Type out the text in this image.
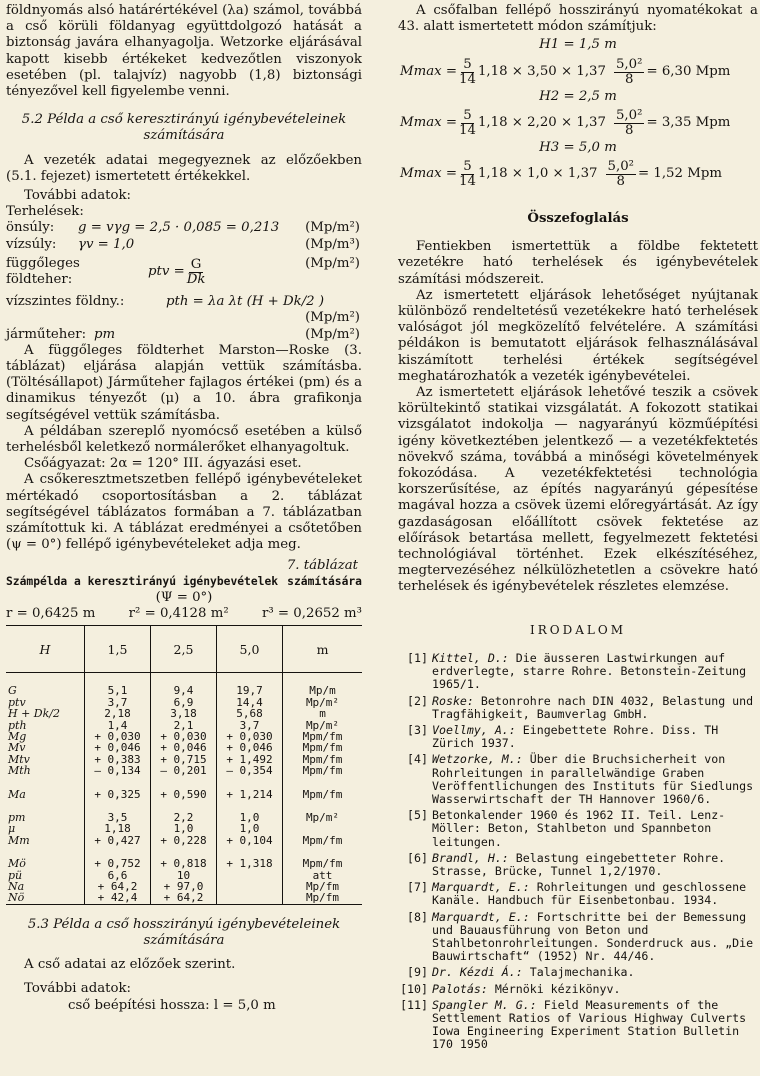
földnyomás alsó határértékével (λa) számol, továbbá a cső körüli földanyag együttdolgozó hatását a biztonság javára elhanyagolja. Wetzorke eljárásával kapott kisebb értékeket kedvezőtlen viszonyok esetében (pl. talajvíz) nagyobb (1,8) biztonsági tényezővel kell figyelembe venni.

5.2 Példa a cső keresztirányú igénybevételeinek számítására

A vezeték adatai megegyeznek az előzőekben (5.1. fejezet) ismertetett értékekkel.

További adatok:

Terhelések:

önsúly: g = vγg = 2,5 · 0,085 = 0,213 (Mp/m²)
vízsúly: γv = 1,0	(Mp/m³)
függőleges földteher:
ptv = $\frac{G}{Dk}$	(Mp/m²)
vízszintes földny.:	pth = λa λt (H + Dk/2 )
(Mp/m²)
járműteher: pm	(Mp/m²)

A függőleges földterhet Marston—Roske (3. táblázat) eljárása alapján vettük számításba. (Töltésállapot) Járműteher fajlagos értékei (pm) és a dinamikus tényezőt (μ) a 10. ábra grafikonja segítségével vettük számításba.

A példában szereplő nyomócső esetében a külső terhelésből keletkező normálerőket elhanyagoltuk.

Csőágyazat: 2α = 120° III. ágyazási eset.

A csőkeresztmetszetben fellépő igénybevételeket mértékadó csoportosításban a 2. táblázat segítségével táblázatos formában a 7. táblázatban számítottuk ki. A táblázat eredményei a csőtetőben (ψ = 0°) fellépő igénybevételeket adja meg.

7. táblázat
Számpélda a keresztirányú igénybevételek számítására
(Ψ = 0°)
r = 0,6425 m	r² = 0,4128 m²	r³ = 0,2652 m³
H	1,5	2,5	5,0	m

G	5,1	9,4	19,7	Mp/m
ptv	3,7	6,9	14,4	Mp/m²
H + Dk/2	2,18	3,18	5,68	m
pth	1,4	2,1	3,7	Mp/m²
Mg	+ 0,030	+ 0,030	+ 0,030	Mpm/fm
Mv	+ 0,046	+ 0,046	+ 0,046	Mpm/fm
Mtv	+ 0,383	+ 0,715	+ 1,492	Mpm/fm
Mth	– 0,134	– 0,201	– 0,354	Mpm/fm

Ma	+ 0,325	+ 0,590	+ 1,214	Mpm/fm

pm	3,5	2,2	1,0	Mp/m²
μ	1,18	1,0	1,0	
Mm	+ 0,427	+ 0,228	+ 0,104	Mpm/fm

Mö	+ 0,752	+ 0,818	+ 1,318	Mpm/fm
pü	6,6	10		att
Na	+ 64,2	+ 97,0		Mp/fm
Nö	+ 42,4	+ 64,2		Mp/fm
5.3 Példa a cső hosszirányú igénybevételeinek számítására

A cső adatai az előzőek szerint.

További adatok:

cső beépítési hossza: l = 5,0 m

A csőfalban fellépő hosszirányú nyomatékokat a 43. alatt ismertetett módon számítjuk:

H1 = 1,5 m
$Mmax = \frac{5}{14} 1,18 \times 3,50 \times 1,37 \frac{\text{5,0²}}{8} = 6,30$ Mpm
H2 = 2,5 m
$Mmax = \frac{5}{14} 1,18 \times 2,20 \times 1,37 \frac{\text{5,0²}}{8} = 3,35$ Mpm
H3 = 5,0 m
$Mmax = \frac{5}{14} 1,18 \times 1,0 \times 1,37 \frac{\text{5,0²}}{8} = 1,52$ Mpm
Összefoglalás

Fentiekben ismertettük a földbe fektetett vezetékre ható terhelések és igénybevételek számítási módszereit.

Az ismertetett eljárások lehetőséget nyújtanak különböző rendeltetésű vezetékekre ható terhelések valóságot jól megközelítő felvételére. A számítási példákon is bemutatott eljárások felhasználásával kiszámított terhelési értékek segítségével meghatározhatók a vezeték igénybevételei.

Az ismertetett eljárások lehetővé teszik a csövek körültekintő statikai vizsgálatát. A fokozott statikai vizsgálatot indokolja — nagyarányú közműépítési igény következtében jelentkező — a vezetékfektetés növekvő száma, továbbá a minőségi követelmények fokozódása. A vezetékfektetési technológia korszerűsítése, az építés nagyarányú gépesítése magával hozza a csövek üzemi előregyártását. Az így gazdaságosan előállított csövek fektetése az előírások betartása mellett, fegyelmezett fektetési technológiával történhet. Ezek elkészítéséhez, megtervezéséhez nélkülözhetetlen a csövekre ható terhelések és igénybevételek részletes elemzése.

IRODALOM
[1] Kittel, D.: Die äusseren Lastwirkungen auf erdverlegte, starre Rohre. Betonstein-Zeitung 1965/1.
[2] Roske: Betonrohre nach DIN 4032, Belastung und Tragfähigkeit, Baumverlag GmbH.
[3] Voellmy, A.: Eingebettete Rohre. Diss. TH Zürich 1937.
[4] Wetzorke, M.: Über die Bruchsicherheit von Rohrleitungen in parallelwändige Graben Veröffentlichungen des Instituts für Siedlungs Wasserwirtschaft der TH Hannover 1960/6.
[5] Betonkalender 1960 és 1962 II. Teil. Lenz-Möller: Beton, Stahlbeton und Spannbeton leitungen.
[6] Brandl, H.: Belastung eingebetteter Rohre. Strasse, Brücke, Tunnel 1,2/1970.
[7] Marquardt, E.: Rohrleitungen und geschlossene Kanäle. Handbuch für Eisenbetonbau. 1934.
[8] Marquardt, E.: Fortschritte bei der Bemessung und Bauausführung von Beton und Stahlbetonrohrleitungen. Sonderdruck aus. „Die Bauwirtschaft“ (1952) Nr. 44/46.
[9] Dr. Kézdi Á.: Talajmechanika.
[10] Palotás: Mérnöki kézikönyv.
[11] Spangler M. G.: Field Measurements of the Settlement Ratios of Various Highway Culverts Iowa Engineering Experiment Station Bulletin 170 1950
